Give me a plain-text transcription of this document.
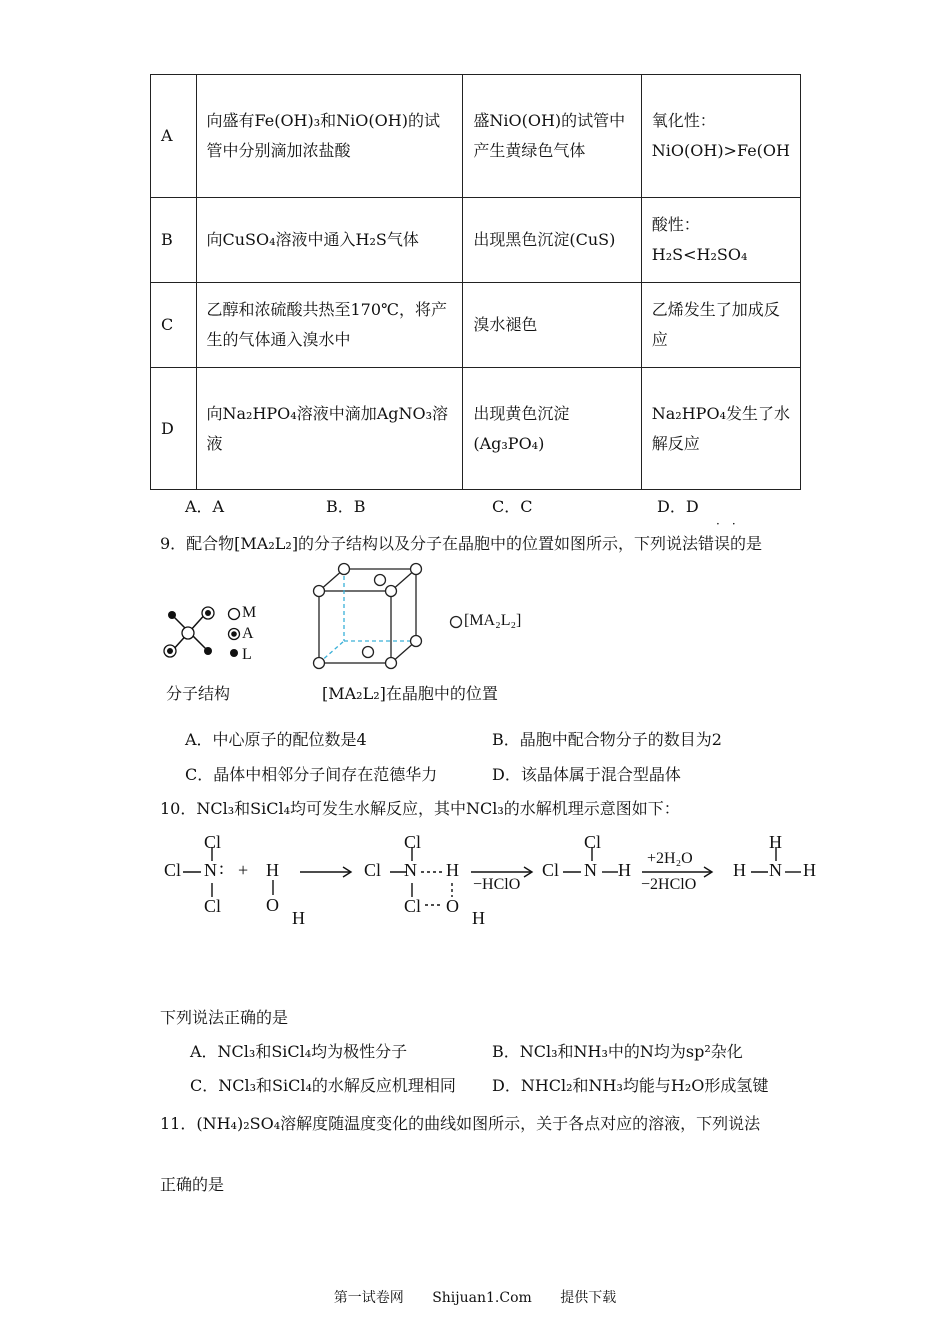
A	向盛有Fe(OH)₃和NiO(OH)的试管中分别滴加浓盐酸	盛NiO(OH)的试管中产生黄绿色气体	氧化性：NiO(OH)>Fe(OH
B	向CuSO₄溶液中通入H₂S气体	出现黑色沉淀(CuS)	酸性：H₂S<H₂SO₄
C	乙醇和浓硫酸共热至170℃，将产生的气体通入溴水中	溴水褪色	乙烯发生了加成反应
D	向Na₂HPO₄溶液中滴加AgNO₃溶液	出现黄色沉淀(Ag₃PO₄)	Na₂HPO₄发生了水解反应
A．A	B．B	C．C	D．D
··
9．配合物[MA₂L₂]的分子结构以及分子在晶胞中的位置如图所示，下列说法错误的是
M
A
L
[MA₂L₂]
分子结构	[MA₂L₂]在晶胞中的位置
A．中心原子的配位数是4	B．晶胞中配合物分子的数目为2
C．晶体中相邻分子间存在范德华力	D．该晶体属于混合型晶体
10．NCl₃和SiCl₄均可发生水解反应，其中NCl₃的水解机理示意图如下：
Cl N :
Cl
Cl
+ H
O
H
Cl N
Cl
Cl
H
O
H
−HClO
Cl N
Cl
H
+2H₂O
−2HClO
H N
H
H
下列说法正确的是
A．NCl₃和SiCl₄均为极性分子	B．NCl₃和NH₃中的N均为sp²杂化
C．NCl₃和SiCl₄的水解反应机理相同 D．NHCl₂和NH₃均能与H₂O形成氢键
11．(NH₄)₂SO₄溶解度随温度变化的曲线如图所示，关于各点对应的溶液，下列说法
正确的是
第一试卷网 Shijuan1.Com 提供下载
